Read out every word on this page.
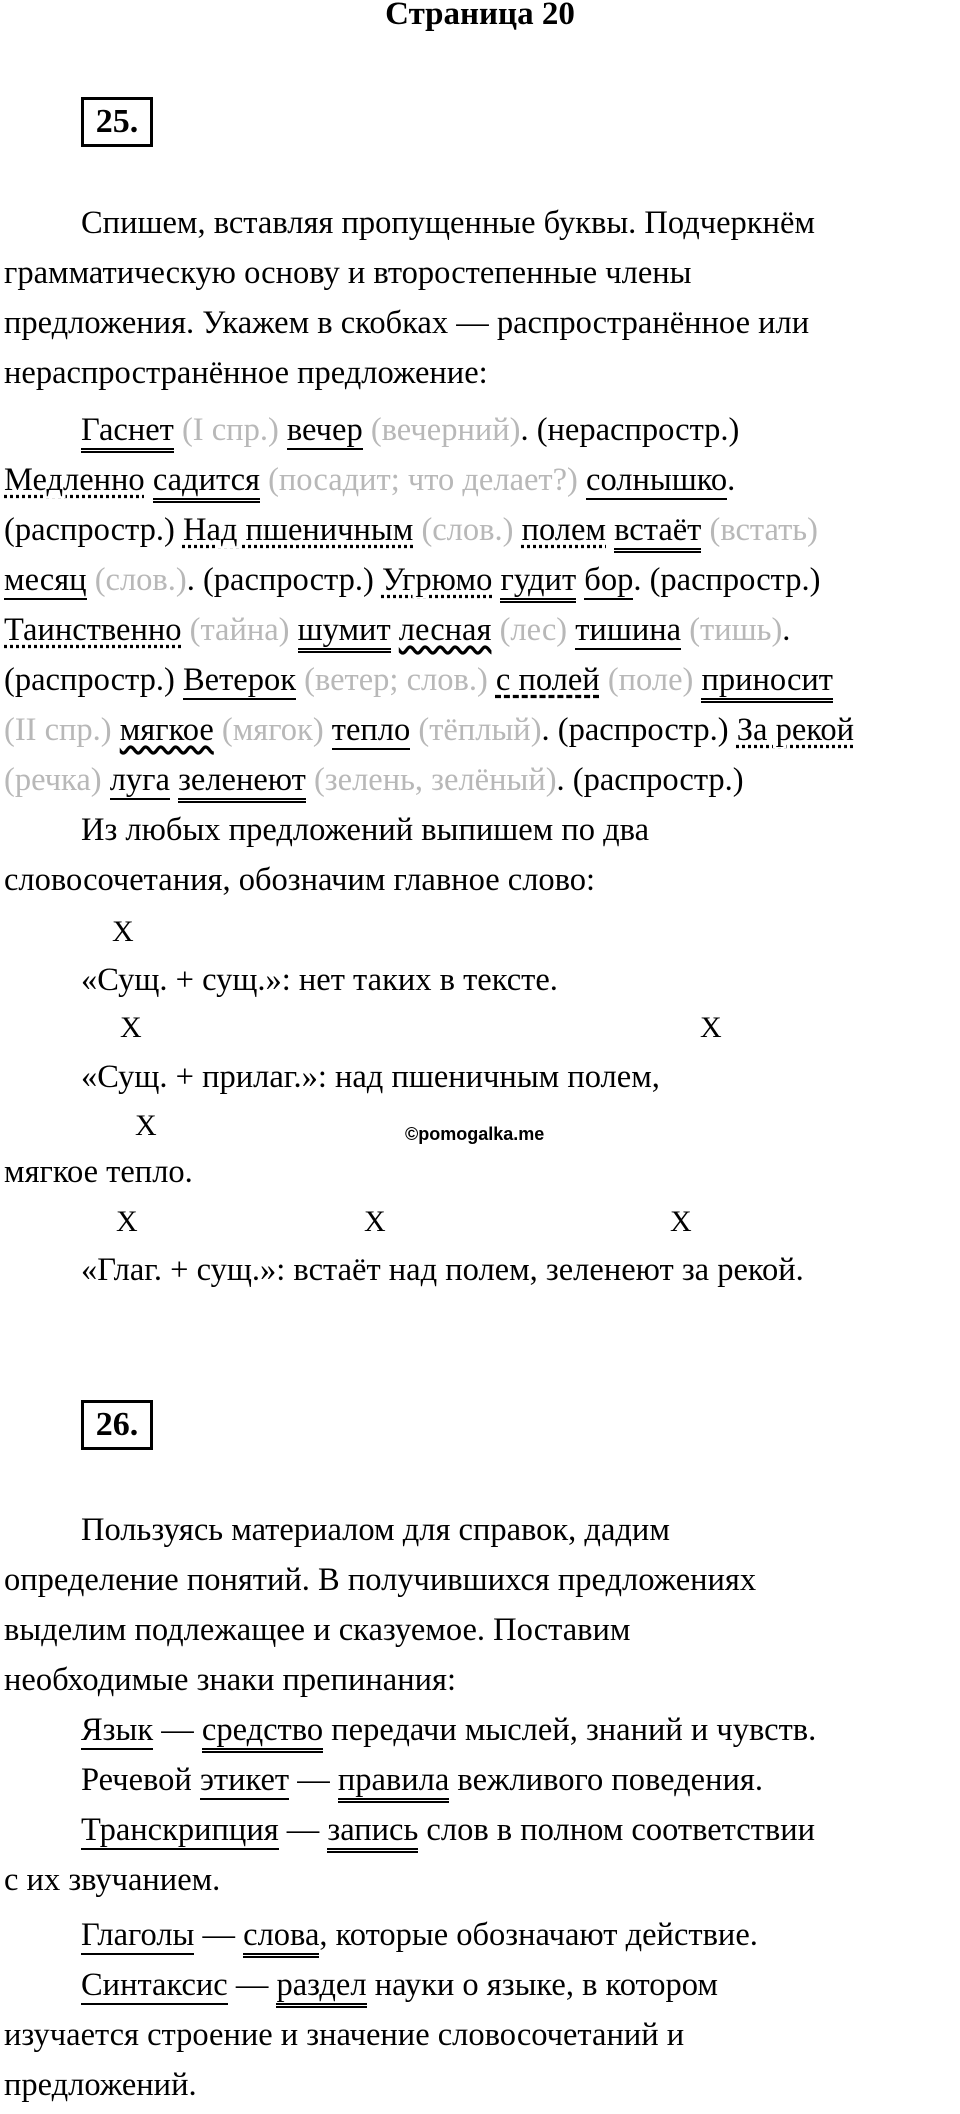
Страница 20
25.
Спишем, вставляя пропущенные буквы. Подчеркнём
грамматическую основу и второстепенные члены
предложения. Укажем в скобках — распространённое или
нераспространённое предложение:
Гаснет (I спр.) вечер (вечерний). (нераспростр.)
Медленно садится (посадит; что делает?) солнышко.
(распростр.) Над пшеничным (слов.) полем встаёт (встать)
месяц (слов.). (распростр.) Угрюмо гудит бор. (распростр.)
Таинственно (тайна) шумит лесная (лес) тишина (тишь).
(распростр.) Ветерок (ветер; слов.) с полей (поле) приносит
(II спр.) мягкое (мягок) тепло (тёплый). (распростр.) За рекой
(речка) луга зеленеют (зелень, зелёный). (распростр.)
Из любых предложений выпишем по два
словосочетания, обозначим главное слово:
X
«Сущ. + сущ.»: нет таких в тексте.
X	X
«Сущ. + прилаг.»: над пшеничным полем,
X	©pomogalka.me
мягкое тепло.
X	X	X
«Глаг. + сущ.»: встаёт над полем, зеленеют за рекой.
26.
Пользуясь материалом для справок, дадим
определение понятий. В получившихся предложениях
выделим подлежащее и сказуемое. Поставим
необходимые знаки препинания:
Язык — средство передачи мыслей, знаний и чувств.
Речевой этикет — правила вежливого поведения.
Транскрипция — запись слов в полном соответствии
с их звучанием.
Глаголы — слова, которые обозначают действие.
Синтаксис — раздел науки о языке, в котором
изучается строение и значение словосочетаний и
предложений.
